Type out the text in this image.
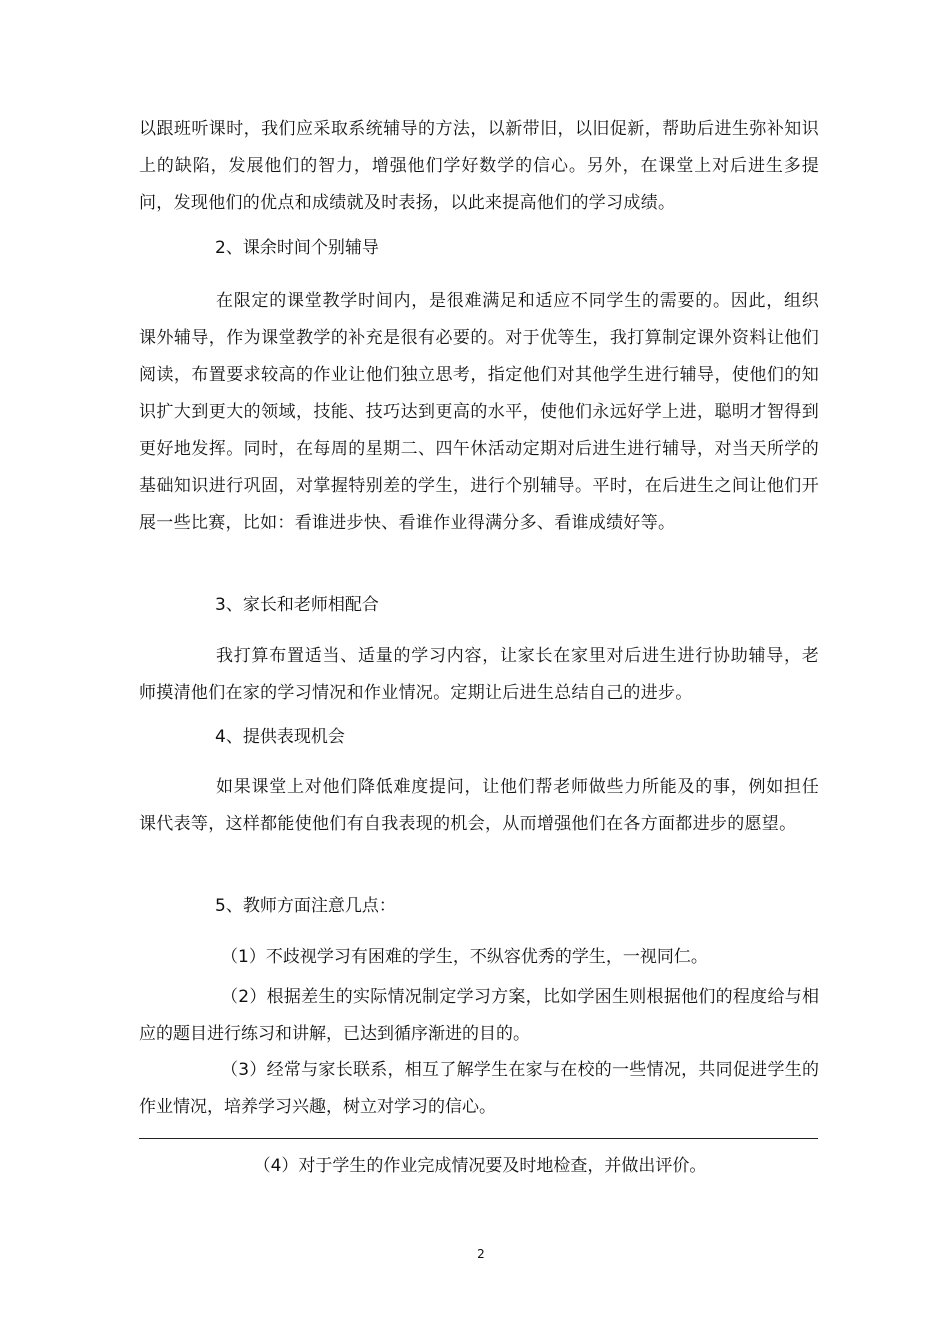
以跟班听课时，我们应采取系统辅导的方法，以新带旧，以旧促新，帮助后进生弥补知识上的缺陷，发展他们的智力，增强他们学好数学的信心。另外，在课堂上对后进生多提问，发现他们的优点和成绩就及时表扬，以此来提高他们的学习成绩。

2、课余时间个别辅导

在限定的课堂教学时间内，是很难满足和适应不同学生的需要的。因此，组织课外辅导，作为课堂教学的补充是很有必要的。对于优等生，我打算制定课外资料让他们阅读，布置要求较高的作业让他们独立思考，指定他们对其他学生进行辅导，使他们的知识扩大到更大的领域，技能、技巧达到更高的水平，使他们永远好学上进，聪明才智得到更好地发挥。同时，在每周的星期二、四午休活动定期对后进生进行辅导，对当天所学的基础知识进行巩固，对掌握特别差的学生，进行个别辅导。平时，在后进生之间让他们开展一些比赛，比如：看谁进步快、看谁作业得满分多、看谁成绩好等。

3、家长和老师相配合

我打算布置适当、适量的学习内容，让家长在家里对后进生进行协助辅导，老师摸清他们在家的学习情况和作业情况。定期让后进生总结自己的进步。

4、提供表现机会

如果课堂上对他们降低难度提问，让他们帮老师做些力所能及的事，例如担任课代表等，这样都能使他们有自我表现的机会，从而增强他们在各方面都进步的愿望。

5、教师方面注意几点：

（1）不歧视学习有困难的学生，不纵容优秀的学生，一视同仁。

（2）根据差生的实际情况制定学习方案，比如学困生则根据他们的程度给与相应的题目进行练习和讲解，已达到循序渐进的目的。

（3）经常与家长联系，相互了解学生在家与在校的一些情况，共同促进学生的作业情况，培养学习兴趣，树立对学习的信心。

（4）对于学生的作业完成情况要及时地检查，并做出评价。

2
